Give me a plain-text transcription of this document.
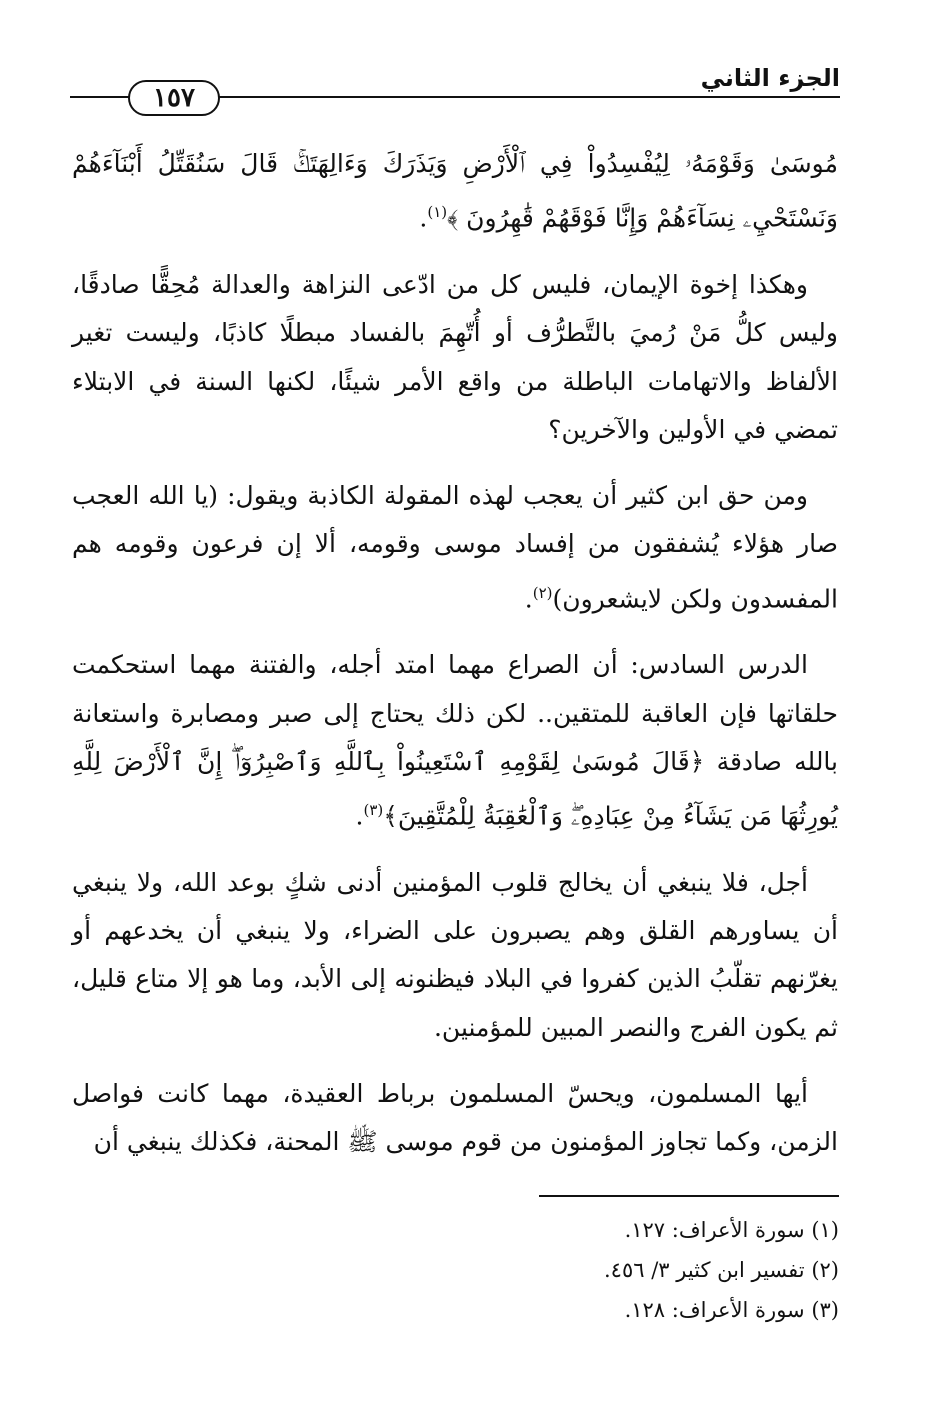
الجزء الثاني
١٥٧

مُوسَىٰ وَقَوْمَهُۥ لِيُفْسِدُواْ فِي ٱلْأَرْضِ وَيَذَرَكَ وَءَالِهَتَكَۚ قَالَ سَنُقَتِّلُ أَبْنَآءَهُمْ وَنَسْتَحْيِۦ نِسَآءَهُمْ وَإِنَّا فَوْقَهُمْ قَٰهِرُونَ ﴾$^{(١)}$.

وهكذا إخوة الإيمان، فليس كل من ادّعى النزاهة والعدالة مُحِقًّا صادقًا، وليس كلُّ مَنْ رُميَ بالتَّطرُّف أو أُتّهِمَ بالفساد مبطلًا كاذبًا، وليست تغير الألفاظ والاتهامات الباطلة من واقع الأمر شيئًا، لكنها السنة في الابتلاء تمضي في الأولين والآخرين؟

ومن حق ابن كثير أن يعجب لهذه المقولة الكاذبة ويقول: (يا الله العجب صار هؤلاء يُشفقون من إفساد موسى وقومه، ألا إن فرعون وقومه هم المفسدون ولكن لايشعرون)$^{(٢)}$.

الدرس السادس: أن الصراع مهما امتد أجله، والفتنة مهما استحكمت حلقاتها فإن العاقبة للمتقين.. لكن ذلك يحتاج إلى صبر ومصابرة واستعانة بالله صادقة ﴿قَالَ مُوسَىٰ لِقَوْمِهِ ٱسْتَعِينُواْ بِٱللَّهِ وَٱصْبِرُوٓاْۖ إِنَّ ٱلْأَرْضَ لِلَّهِ يُورِثُهَا مَن يَشَآءُ مِنْ عِبَادِهِۦۖ وَٱلْعَٰقِبَةُ لِلْمُتَّقِينَ﴾$^{(٣)}$.

أجل، فلا ينبغي أن يخالج قلوب المؤمنين أدنى شكٍ بوعد الله، ولا ينبغي أن يساورهم القلق وهم يصبرون على الضراء، ولا ينبغي أن يخدعهم أو يغرّنهم تقلّبُ الذين كفروا في البلاد فيظنونه إلى الأبد، وما هو إلا متاع قليل، ثم يكون الفرج والنصر المبين للمؤمنين.

أيها المسلمون، ويحسّ المسلمون برباط العقيدة، مهما كانت فواصل الزمن، وكما تجاوز المؤمنون من قوم موسى ﷺ المحنة، فكذلك ينبغي أن

(١) سورة الأعراف: ١٢٧.
(٢) تفسير ابن كثير ٣/ ٤٥٦.
(٣) سورة الأعراف: ١٢٨.
